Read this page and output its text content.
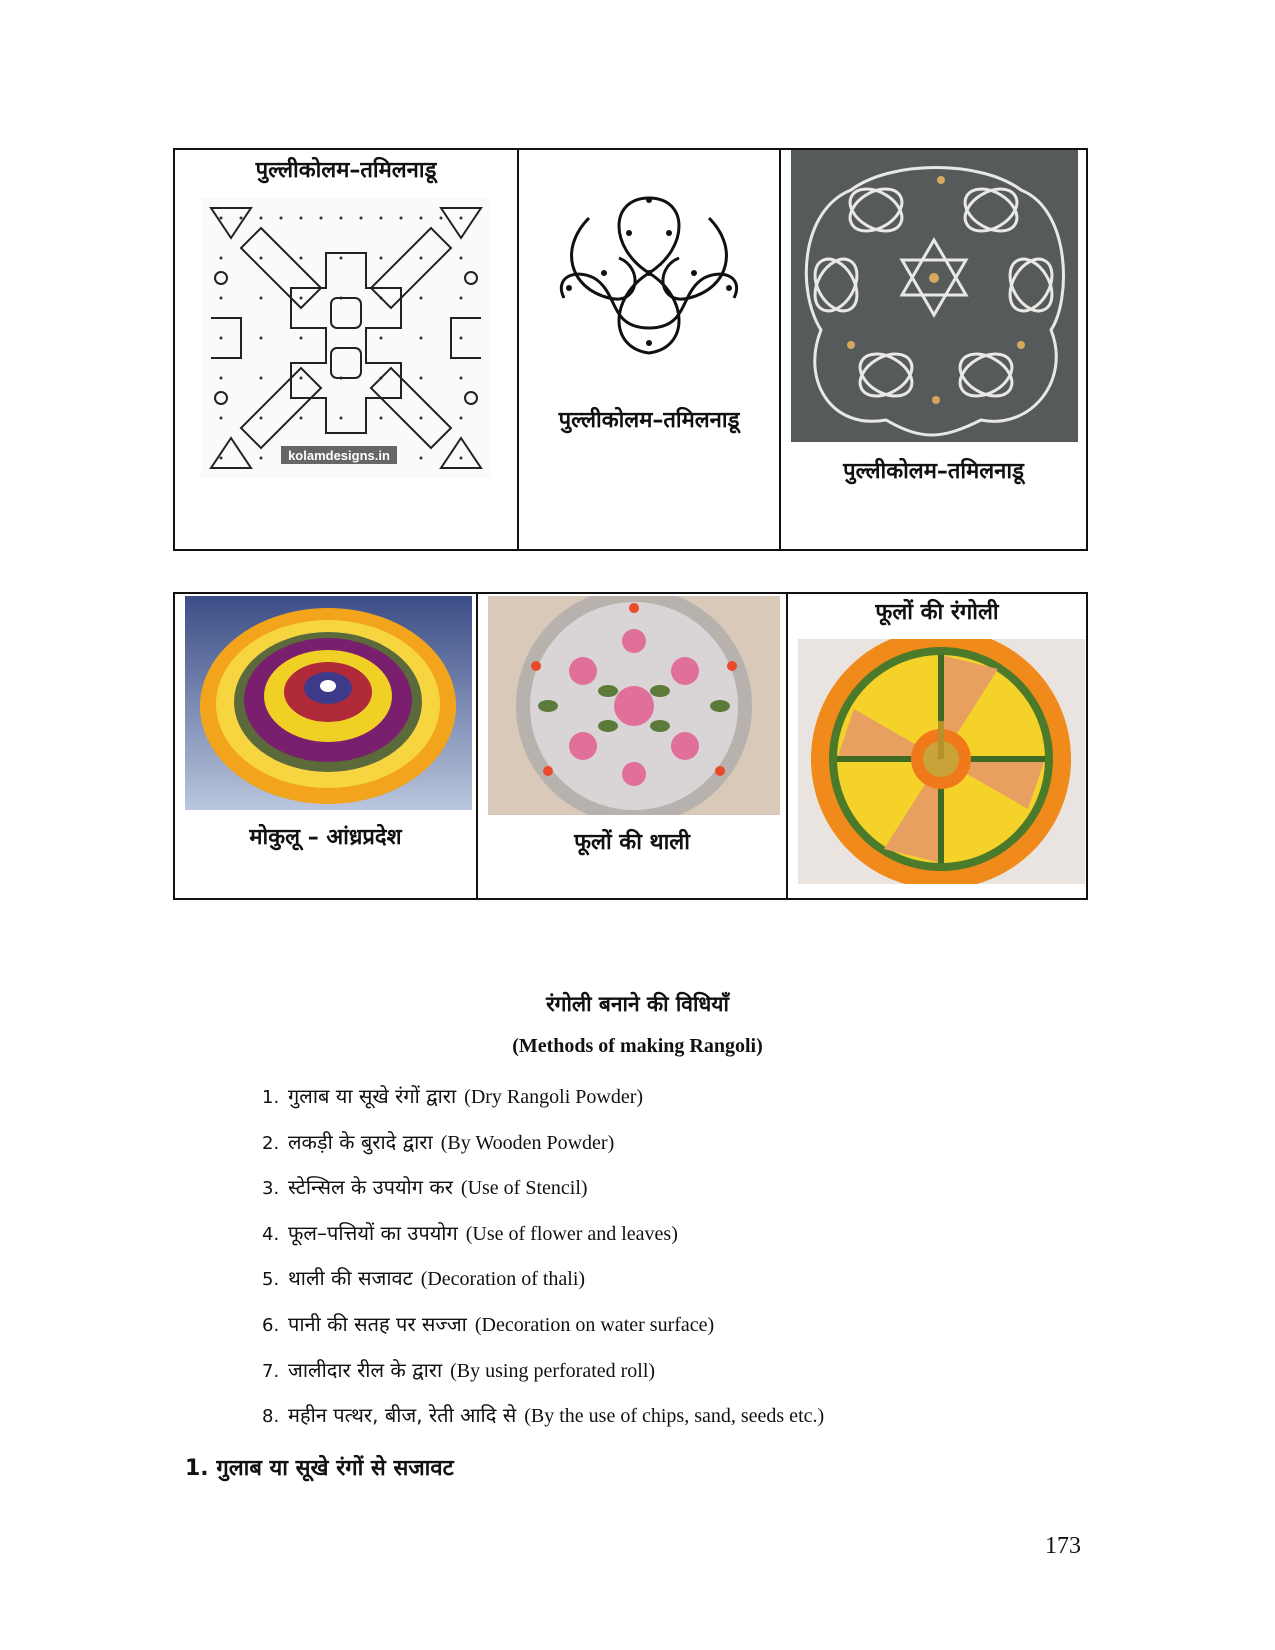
पुल्लीकोलम–तमिलनाडू
kolamdesigns.in
पुल्लीकोलम–तमिलनाडू
पुल्लीकोलम–तमिलनाडू
मोकुलू – आंध्रप्रदेश	फूलों की थाली
फूलों की रंगोली
रंगोली बनाने की विधियाँ
(Methods of making Rangoli)
1. गुलाब या सूखे रंगों द्वारा (Dry Rangoli Powder)
2. लकड़ी के बुरादे द्वारा (By Wooden Powder)
3. स्टेन्सिल के उपयोग कर (Use of Stencil)
4. फूल–पत्तियों का उपयोग (Use of flower and leaves)
5. थाली की सजावट (Decoration of thali)
6. पानी की सतह पर सज्जा (Decoration on water surface)
7. जालीदार रील के द्वारा (By using perforated roll)
8. महीन पत्थर, बीज, रेती आदि से (By the use of chips, sand, seeds etc.)
1. गुलाब या सूखे रंगों से सजावट
173
